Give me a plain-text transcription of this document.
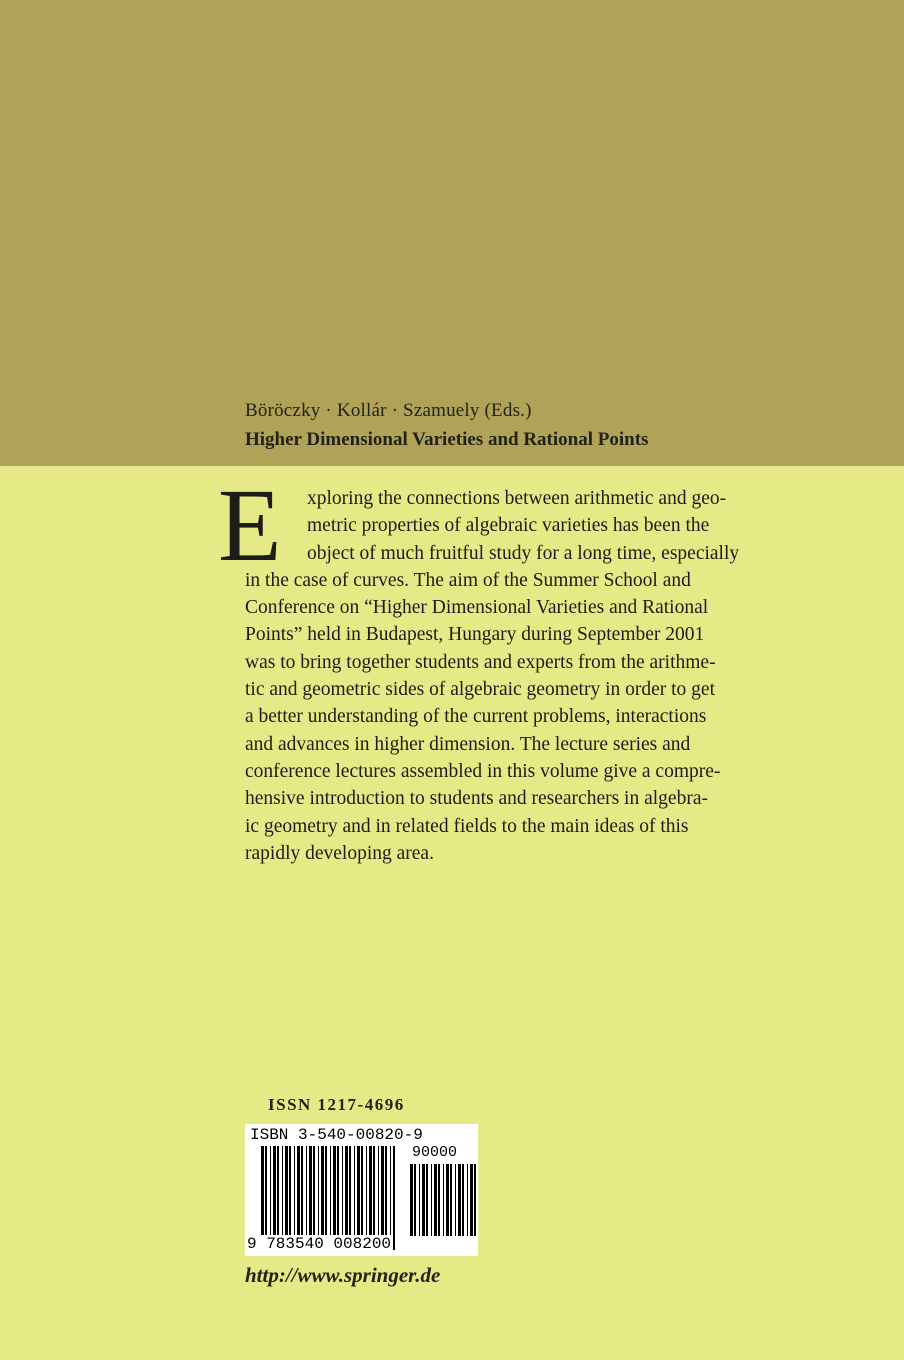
Böröczky · Kollár · Szamuely (Eds.)
Higher Dimensional Varieties and Rational Points
E	xploring the connections between arithmetic and geo-
metric properties of algebraic varieties has been the
object of much fruitful study for a long time, especially
in the case of curves. The aim of the Summer School and
Conference on “Higher Dimensional Varieties and Rational
Points” held in Budapest, Hungary during September 2001
was to bring together students and experts from the arithme-
tic and geometric sides of algebraic geometry in order to get
a better understanding of the current problems, interactions
and advances in higher dimension. The lecture series and
conference lectures assembled in this volume give a compre-
hensive introduction to students and researchers in algebra-
ic geometry and in related fields to the main ideas of this
rapidly developing area.
ISSN 1217-4696
ISBN 3-540-00820-9
90000
9 783540 008200
http://www.springer.de
